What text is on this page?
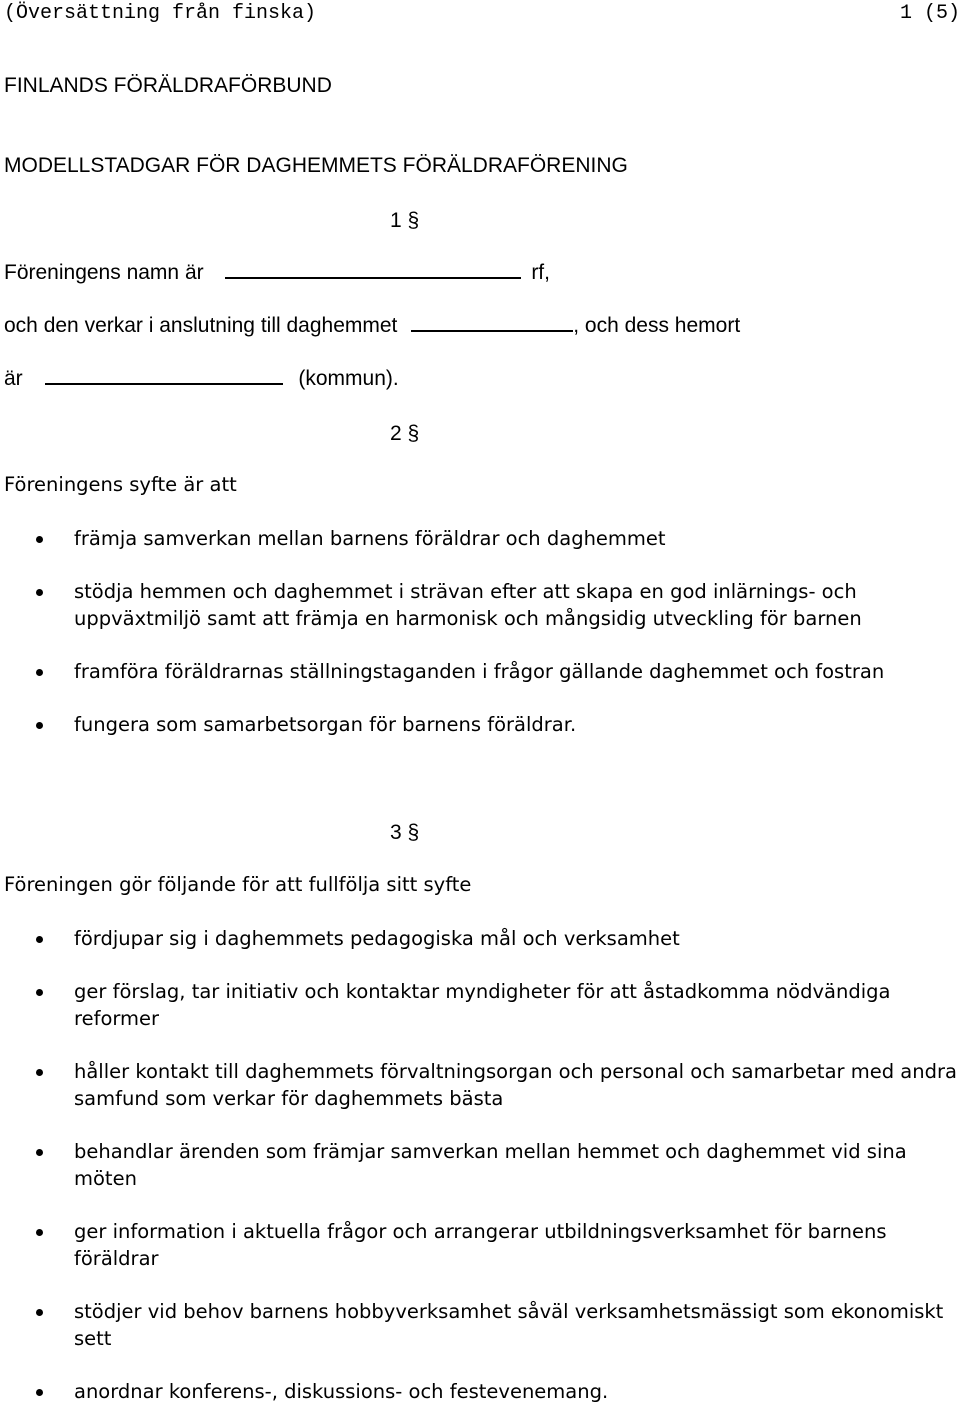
(Översättning från finska)	1 (5)
FINLANDS FÖRÄLDRAFÖRBUND
MODELLSTADGAR FÖR DAGHEMMETS FÖRÄLDRAFÖRENING
1 §
Föreningens namn är	rf,
och den verkar i anslutning till daghemmet	, och dess hemort
är	(kommun).
2 §
Föreningens syfte är att
främja samverkan mellan barnens föräldrar och daghemmet
stödja hemmen och daghemmet i strävan efter att skapa en god inlärnings- och uppväxtmiljö samt att främja en harmonisk och mångsidig utveckling för barnen
framföra föräldrarnas ställningstaganden i frågor gällande daghemmet och fostran
fungera som samarbetsorgan för barnens föräldrar.
3 §
Föreningen gör följande för att fullfölja sitt syfte
fördjupar sig i daghemmets pedagogiska mål och verksamhet
ger förslag, tar initiativ och kontaktar myndigheter för att åstadkomma nödvändiga reformer
håller kontakt till daghemmets förvaltningsorgan och personal och samarbetar med andra samfund som verkar för daghemmets bästa
behandlar ärenden som främjar samverkan mellan hemmet och daghemmet vid sina möten
ger information i aktuella frågor och arrangerar utbildningsverksamhet för barnens föräldrar
stödjer vid behov barnens hobbyverksamhet såväl verksamhetsmässigt som ekonomiskt sett
anordnar konferens-, diskussions- och festevenemang.
